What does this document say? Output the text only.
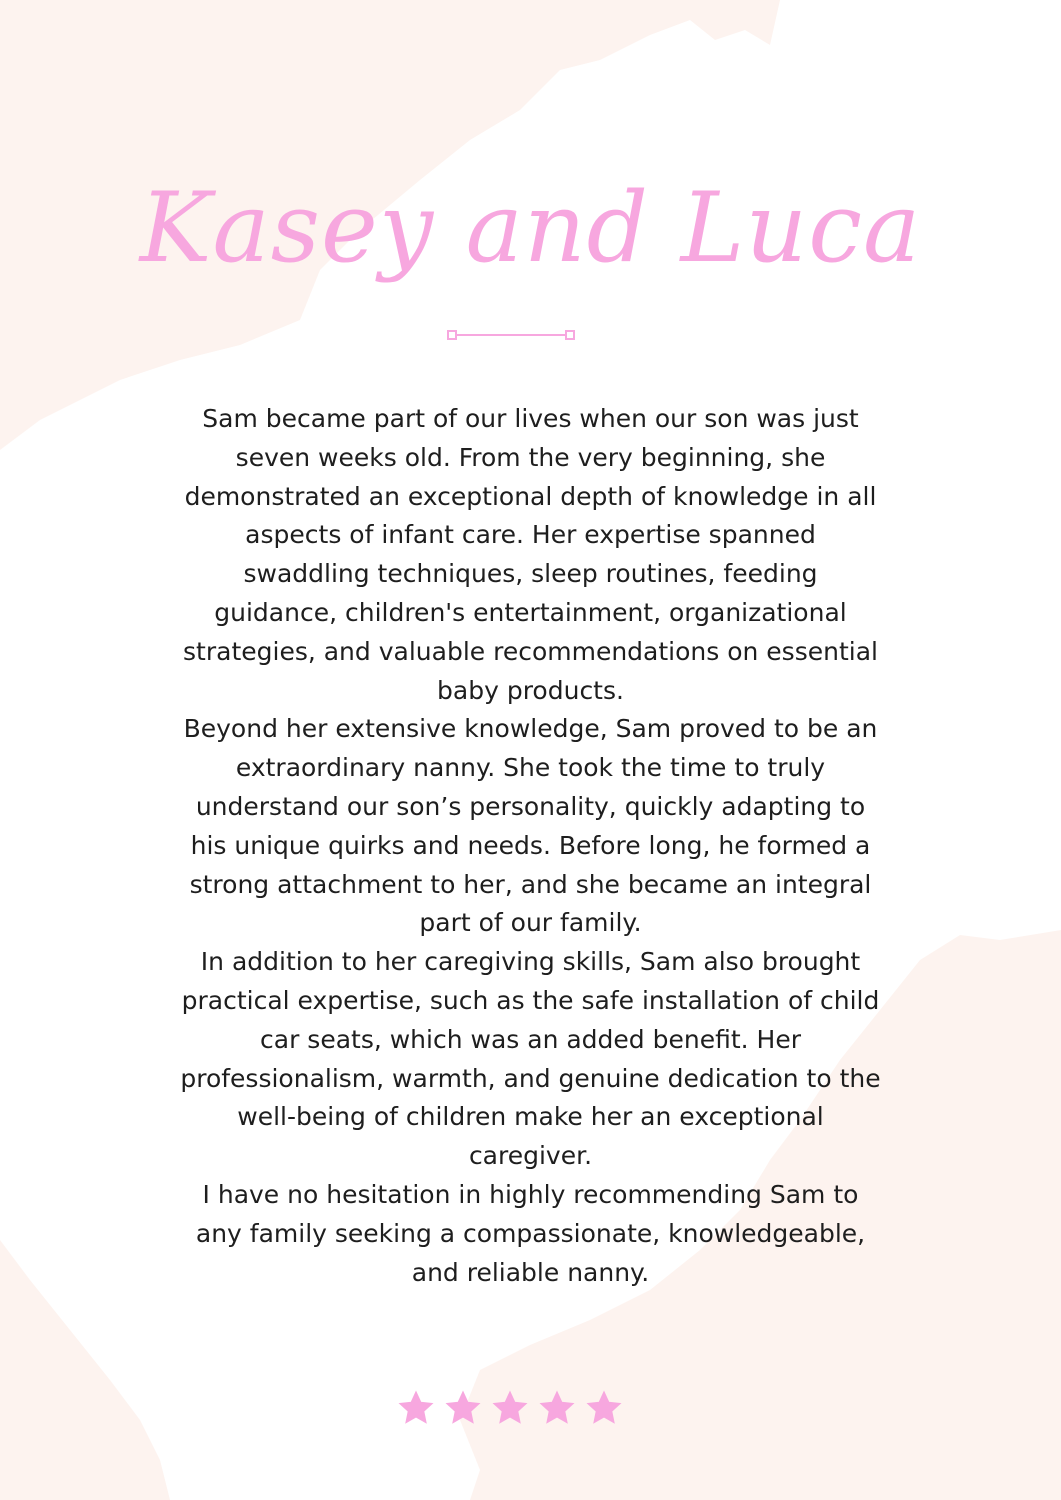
Kasey and Luca

Sam became part of our lives when our son was just seven weeks old. From the very beginning, she demonstrated an exceptional depth of knowledge in all aspects of infant care. Her expertise spanned swaddling techniques, sleep routines, feeding guidance, children's entertainment, organizational strategies, and valuable recommendations on essential baby products.

Beyond her extensive knowledge, Sam proved to be an extraordinary nanny. She took the time to truly understand our son’s personality, quickly adapting to his unique quirks and needs. Before long, he formed a strong attachment to her, and she became an integral part of our family.

In addition to her caregiving skills, Sam also brought practical expertise, such as the safe installation of child car seats, which was an added benefit. Her professionalism, warmth, and genuine dedication to the well-being of children make her an exceptional caregiver.

I have no hesitation in highly recommending Sam to any family seeking a compassionate, knowledgeable, and reliable nanny.
